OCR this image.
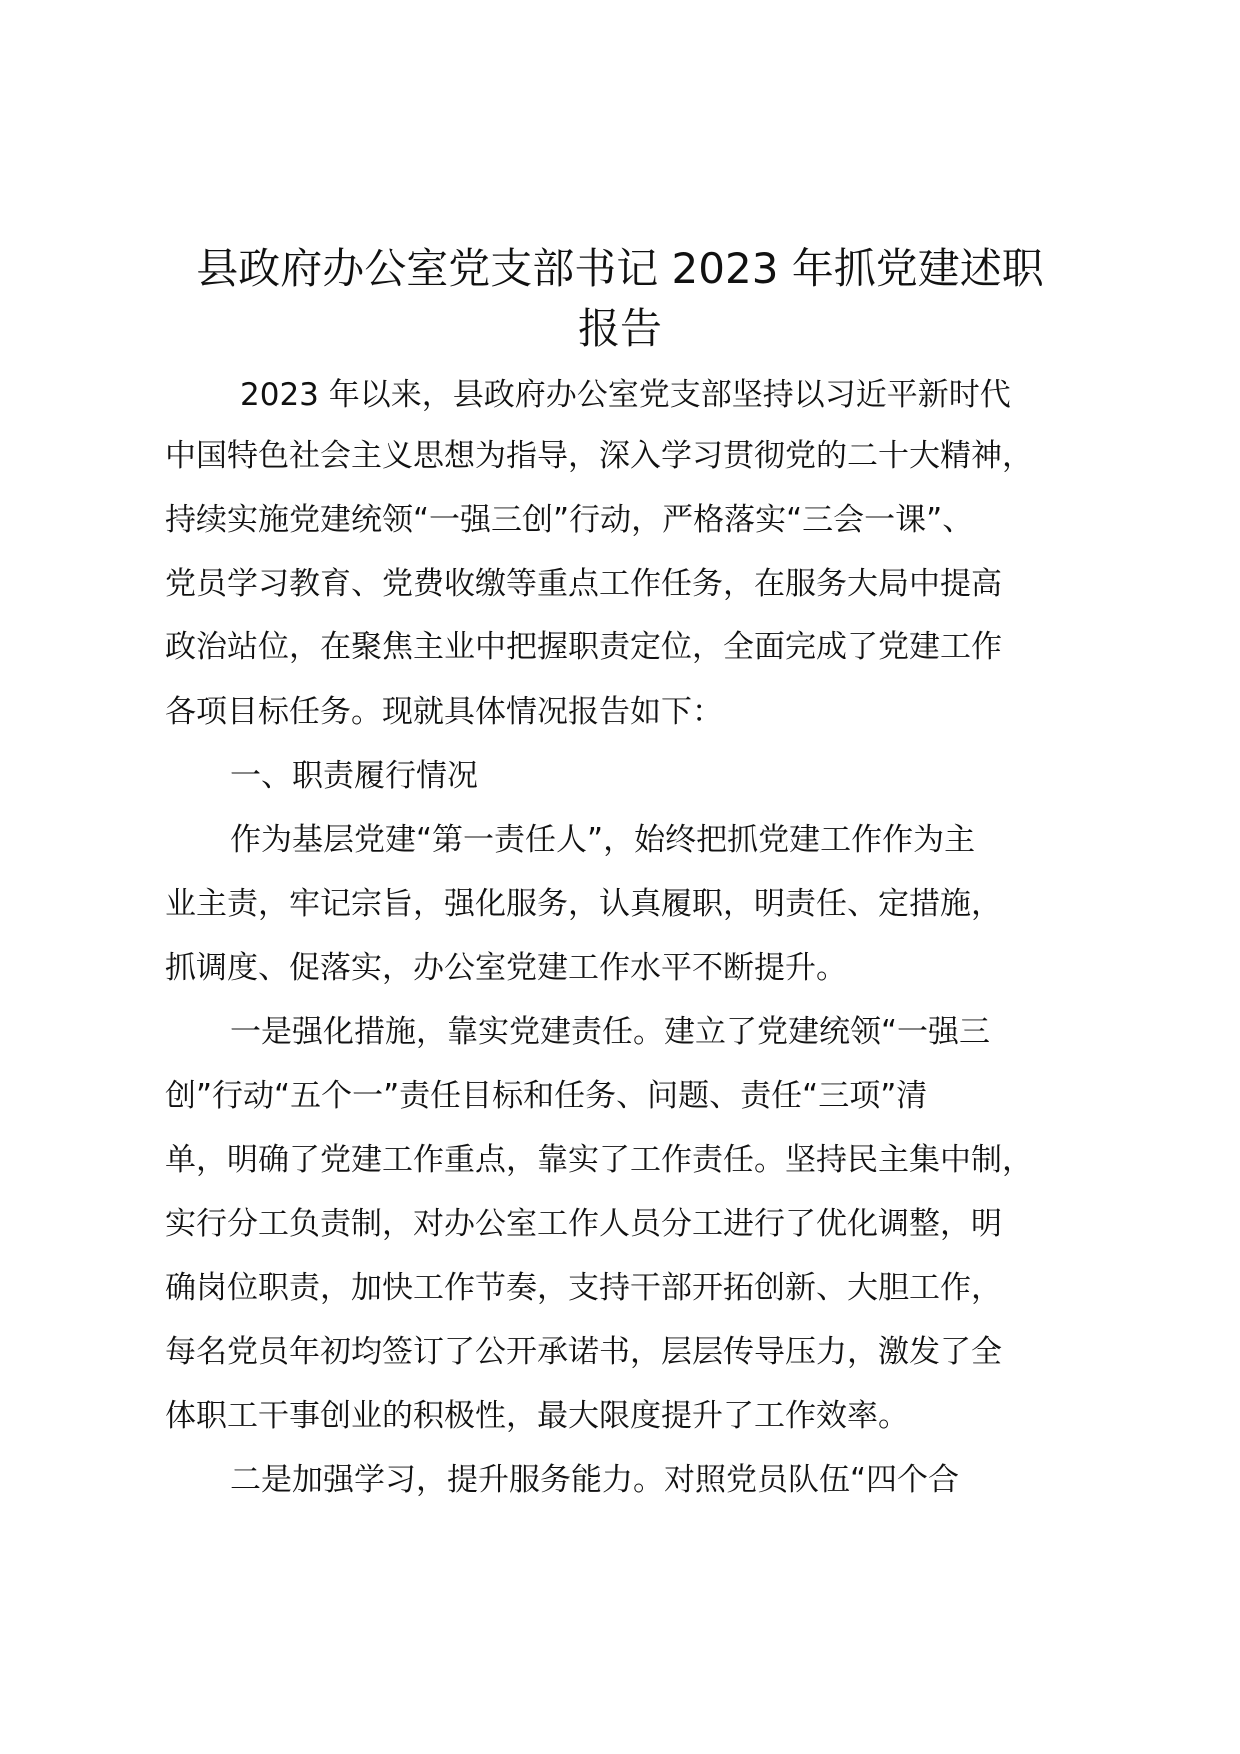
县政府办公室党支部书记 2023 年抓党建述职
报告

2023 年以来，县政府办公室党支部坚持以习近平新时代

中国特色社会主义思想为指导，深入学习贯彻党的二十大精神，

持续实施党建统领“一强三创”行动，严格落实“三会一课”、

党员学习教育、党费收缴等重点工作任务，在服务大局中提高

政治站位，在聚焦主业中把握职责定位，全面完成了党建工作

各项目标任务。现就具体情况报告如下：

一、职责履行情况

作为基层党建“第一责任人”，始终把抓党建工作作为主

业主责，牢记宗旨，强化服务，认真履职，明责任、定措施，

抓调度、促落实，办公室党建工作水平不断提升。

一是强化措施，靠实党建责任。建立了党建统领“一强三

创”行动“五个一”责任目标和任务、问题、责任“三项”清

单，明确了党建工作重点，靠实了工作责任。坚持民主集中制，

实行分工负责制，对办公室工作人员分工进行了优化调整，明

确岗位职责，加快工作节奏，支持干部开拓创新、大胆工作，

每名党员年初均签订了公开承诺书，层层传导压力，激发了全

体职工干事创业的积极性，最大限度提升了工作效率。

二是加强学习，提升服务能力。对照党员队伍“四个合
